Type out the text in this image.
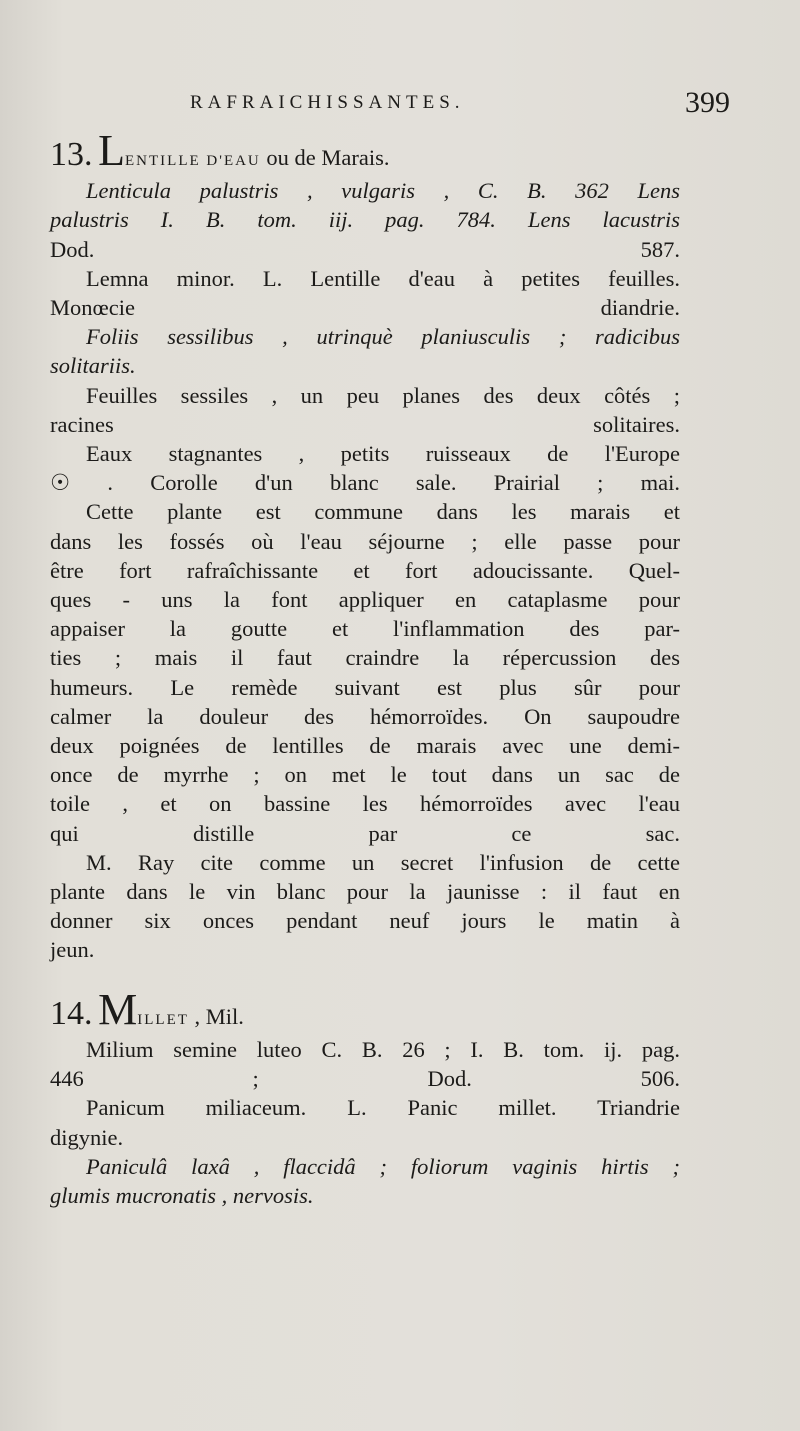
RAFRAICHISSANTES.	399
13. LENTILLE D'EAU ou de Marais.
Lenticula palustris , vulgaris , C. B. 362 Lens
palustris I. B. tom. iij. pag. 784. Lens lacustris
Dod. 587.
Lemna minor. L. Lentille d'eau à petites feuilles.
Monœcie diandrie.
Foliis sessilibus , utrinquè planiusculis ; radicibus
solitariis.
Feuilles sessiles , un peu planes des deux côtés ;
racines solitaires.
Eaux stagnantes , petits ruisseaux de l'Europe
☉ . Corolle d'un blanc sale. Prairial ; mai.
Cette plante est commune dans les marais et
dans les fossés où l'eau séjourne ; elle passe pour
être fort rafraîchissante et fort adoucissante. Quel-
ques - uns la font appliquer en cataplasme pour
appaiser la goutte et l'inflammation des par-
ties ; mais il faut craindre la répercussion des
humeurs. Le remède suivant est plus sûr pour
calmer la douleur des hémorroïdes. On saupoudre
deux poignées de lentilles de marais avec une demi-
once de myrrhe ; on met le tout dans un sac de
toile , et on bassine les hémorroïdes avec l'eau
qui distille par ce sac.
M. Ray cite comme un secret l'infusion de cette
plante dans le vin blanc pour la jaunisse : il faut en
donner six onces pendant neuf jours le matin à
jeun.
14. MILLET , Mil.
Milium semine luteo C. B. 26 ; I. B. tom. ij. pag.
446 ; Dod. 506.
Panicum miliaceum. L. Panic millet. Triandrie
digynie.
Paniculâ laxâ , flaccidâ ; foliorum vaginis hirtis ;
glumis mucronatis , nervosis.
